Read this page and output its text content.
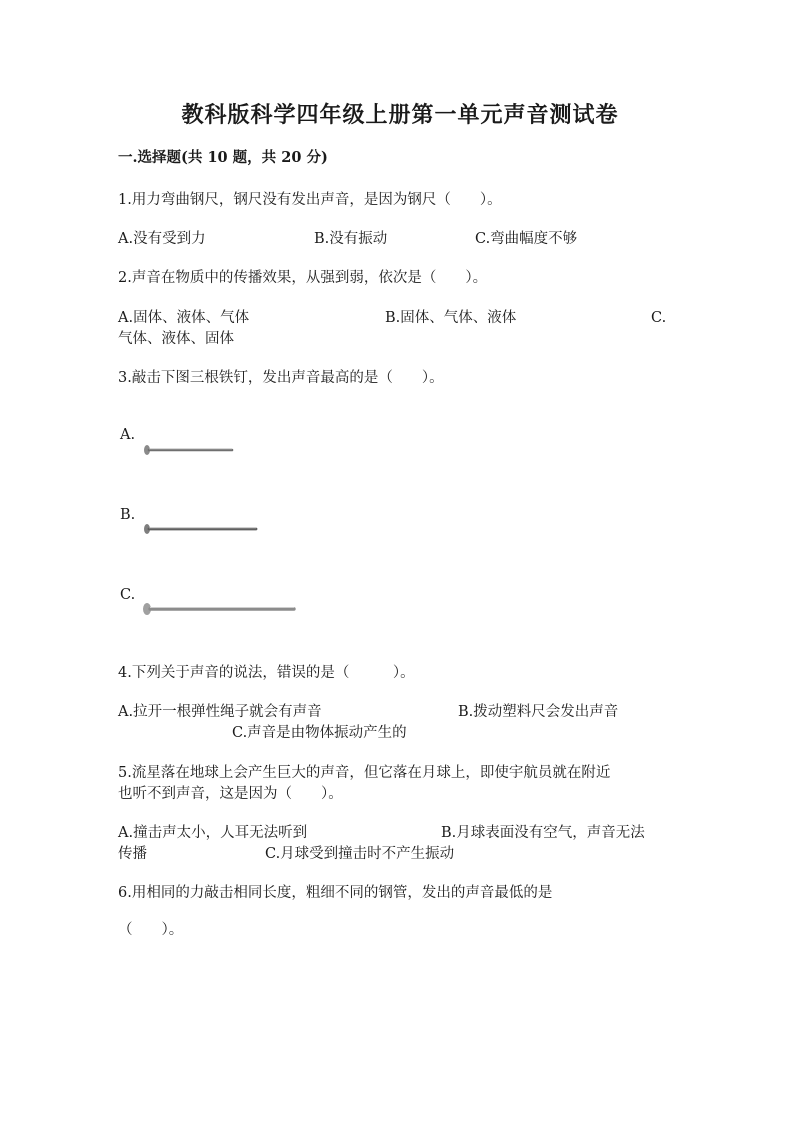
教科版科学四年级上册第一单元声音测试卷
一.选择题(共 10 题，共 20 分)
1.用力弯曲钢尺，钢尺没有发出声音，是因为钢尺（　　）。
A.没有受到力	B.没有振动	C.弯曲幅度不够
2.声音在物质中的传播效果，从强到弱，依次是（　　）。
A.固体、液体、气体	B.固体、气体、液体	C.
气体、液体、固体
3.敲击下图三根铁钉，发出声音最高的是（　　）。
A.
B.
C.
4.下列关于声音的说法，错误的是（　　　）。
A.拉开一根弹性绳子就会有声音	B.拨动塑料尺会发出声音
C.声音是由物体振动产生的
5.流星落在地球上会产生巨大的声音，但它落在月球上，即使宇航员就在附近
也听不到声音，这是因为（　　）。
A.撞击声太小，人耳无法听到	B.月球表面没有空气，声音无法
传播	C.月球受到撞击时不产生振动
6.用相同的力敲击相同长度，粗细不同的钢管，发出的声音最低的是
（　　）。
